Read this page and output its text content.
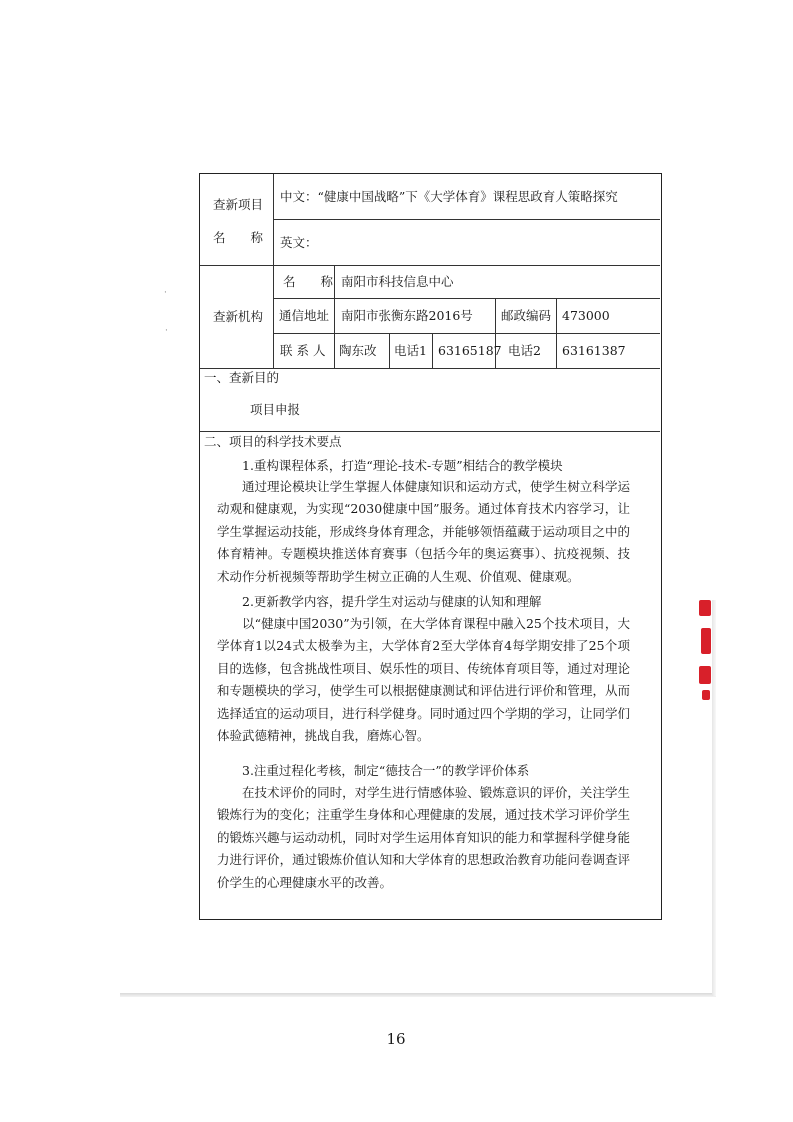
·
·
查新项目
名　　称
中文：“健康中国战略”下《大学体育》课程思政育人策略探究
英文：
查新机构
名　　称 南阳市科技信息中心
通信地址 南阳市张衡东路2016号 邮政编码 473000
联 系 人 陶东改 电话1 63165187 电话2 63161387
一、查新目的
项目申报
二、项目的科学技术要点
1.重构课程体系，打造“理论-技术-专题”相结合的教学模块
通过理论模块让学生掌握人体健康知识和运动方式，使学生树立科学运动观和健康观，为实现“2030健康中国”服务。通过体育技术内容学习，让学生掌握运动技能，形成终身体育理念，并能够领悟蕴藏于运动项目之中的体育精神。专题模块推送体育赛事（包括今年的奥运赛事）、抗疫视频、技术动作分析视频等帮助学生树立正确的人生观、价值观、健康观。
2.更新教学内容，提升学生对运动与健康的认知和理解
以“健康中国2030”为引领，在大学体育课程中融入25个技术项目，大学体育1以24式太极拳为主，大学体育2至大学体育4每学期安排了25个项目的选修，包含挑战性项目、娱乐性的项目、传统体育项目等，通过对理论和专题模块的学习，使学生可以根据健康测试和评估进行评价和管理，从而选择适宜的运动项目，进行科学健身。同时通过四个学期的学习，让同学们体验武德精神，挑战自我，磨炼心智。
3.注重过程化考核，制定“德技合一”的教学评价体系
在技术评价的同时，对学生进行情感体验、锻炼意识的评价，关注学生锻炼行为的变化；注重学生身体和心理健康的发展，通过技术学习评价学生的锻炼兴趣与运动动机，同时对学生运用体育知识的能力和掌握科学健身能力进行评价，通过锻炼价值认知和大学体育的思想政治教育功能问卷调查评价学生的心理健康水平的改善。
16
